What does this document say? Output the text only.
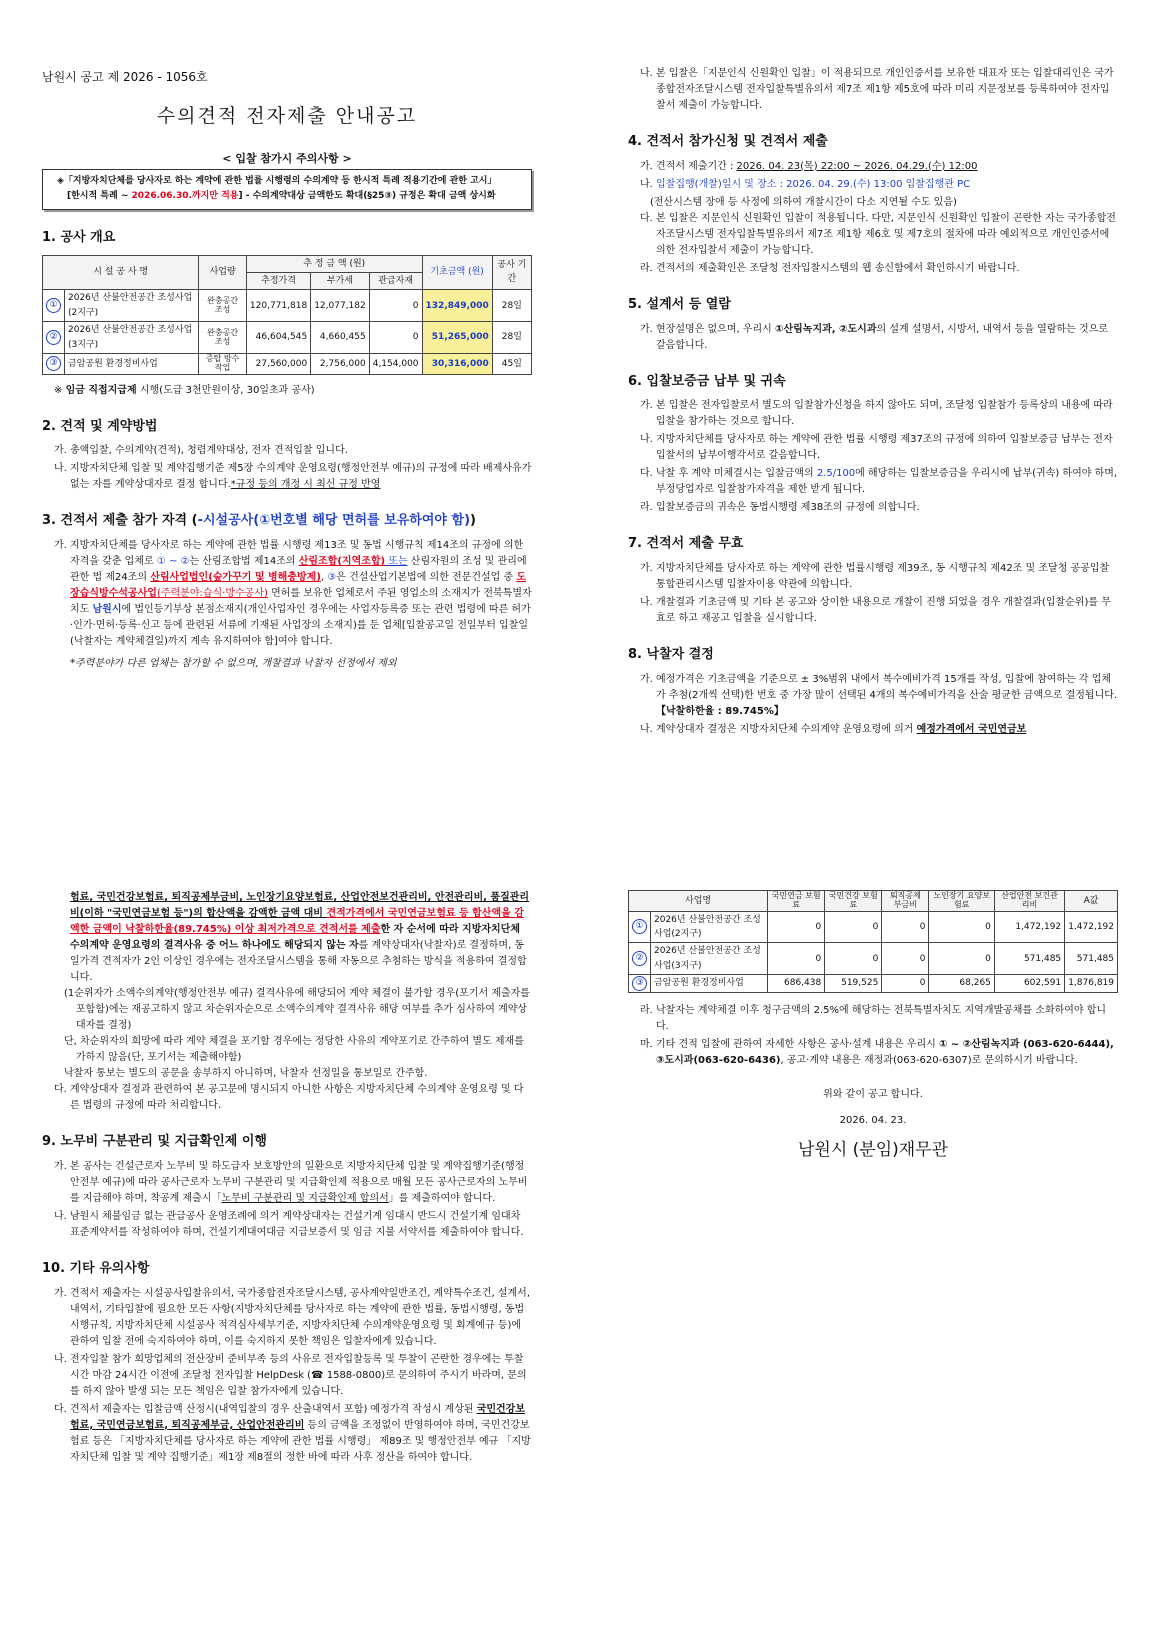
남원시 공고 제 2026 - 1056호
수의견적 전자제출 안내공고
< 입찰 참가시 주의사항 >
◈「지방자치단체를 당사자로 하는 계약에 관한 법률 시행령의 수의계약 등 한시적 특례 적용기간에 관한 고시」
[한시적 특례 ~ 2026.06.30.까지만 적용] - 수의계약대상 금액한도 확대(§25③) 규정은 확대 금액 상시화
1. 공사 개요
시 설 공 사 명		사업량	추 정 금 액 (원)			기초금액 (원)	공사 기간
			추정가격	부가세	관급자재		
①	2026년 산불안전공간 조성사업(2지구)	완충공간 조성	120,771,818	12,077,182	0	132,849,000	28일
②	2026년 산불안전공간 조성사업(3지구)	완충공간 조성	46,604,545	4,660,455	0	51,265,000	28일
③	금암공원 환경정비사업	증탑 방수작업	27,560,000	2,756,000	4,154,000	30,316,000	45일
※ 임금 직접지급제 시행(도급 3천만원이상, 30일초과 공사)
2. 견적 및 계약방법

가. 총액입찰, 수의계약(견적), 청렴계약대상, 전자 견적입찰 입니다.

나. 지방자치단체 입찰 및 계약집행기준 제5장 수의계약 운영요령(행정안전부 예규)의 규정에 따라 배제사유가 없는 자를 계약상대자로 결정 합니다.*규정 등의 개정 시 최신 규정 반영

3. 견적서 제출 참가 자격 (-시설공사(①번호별 해당 면허를 보유하여야 함))

가. 지방자치단체를 당사자로 하는 계약에 관한 법률 시행령 제13조 및 동법 시행규칙 제14조의 규정에 의한 자격을 갖춘 업체로 ① ~ ②는 산림조합법 제14조의 산림조합(지역조합) 또는 산림자원의 조성 및 관리에 관한 법 제24조의 산림사업법인(숲가꾸기 및 병해충방제), ③은 건설산업기본법에 의한 전문건설업 중 도장습식방수석공사업(주력분야:습식·방수공사) 면허를 보유한 업체로서 주된 영업소의 소재지가 전북특별자치도 남원시에 법인등기부상 본점소재지(개인사업자인 경우에는 사업자등록증 또는 관련 법령에 따른 허가·인가·면허·등록·신고 등에 관련된 서류에 기재된 사업장의 소재지)를 둔 업체[입찰공고일 전일부터 입찰일(낙찰자는 계약체결일)까지 계속 유지하여야 함]여야 합니다.

*주력분야가 다른 업체는 참가할 수 없으며, 개찰결과 낙찰자 선정에서 제외

나. 본 입찰은「지문인식 신원확인 입찰」이 적용되므로 개인인증서를 보유한 대표자 또는 입찰대리인은 국가종합전자조달시스템 전자입찰특별유의서 제7조 제1항 제5호에 따라 미리 지문정보를 등록하여야 전자입찰서 제출이 가능합니다.

4. 견적서 참가신청 및 견적서 제출

가. 견적서 제출기간 : 2026. 04. 23(목) 22:00 ~ 2026. 04.29.(수) 12:00

나. 입찰집행(개찰)일시 및 장소 : 2026. 04. 29.(수) 13:00 입찰집행관 PC

(전산시스템 장애 등 사정에 의하여 개찰시간이 다소 지연될 수도 있음)

다. 본 입찰은 지문인식 신원확인 입찰이 적용됩니다. 다만, 지문인식 신원확인 입찰이 곤란한 자는 국가종합전자조달시스템 전자입찰특별유의서 제7조 제1항 제6호 및 제7호의 절차에 따라 예외적으로 개인인증서에 의한 전자입찰서 제출이 가능합니다.

라. 견적서의 제출확인은 조달청 전자입찰시스템의 웹 송신함에서 확인하시기 바랍니다.

5. 설계서 등 열람

가. 현장설명은 없으며, 우리시 ①산림녹지과, ②도시과의 설계 설명서, 시방서, 내역서 등을 열람하는 것으로 갈음합니다.

6. 입찰보증금 납부 및 귀속

가. 본 입찰은 전자입찰로서 별도의 입찰참가신청을 하지 않아도 되며, 조달청 입찰참가 등록상의 내용에 따라 입찰을 참가하는 것으로 합니다.

나. 지방자치단체를 당사자로 하는 계약에 관한 법률 시행령 제37조의 규정에 의하여 입찰보증금 납부는 전자입찰서의 납부이행각서로 갈음합니다.

다. 낙찰 후 계약 미체결시는 입찰금액의 2.5/100에 해당하는 입찰보증금을 우리시에 납부(귀속) 하여야 하며, 부정당업자로 입찰참가자격을 제한 받게 됩니다.

라. 입찰보증금의 귀속은 동법시행령 제38조의 규정에 의합니다.

7. 견적서 제출 무효

가. 지방자치단체를 당사자로 하는 계약에 관한 법률시행령 제39조, 동 시행규칙 제42조 및 조달청 공공입찰 통합관리시스템 입찰자이용 약관에 의합니다.

나. 개찰결과 기초금액 및 기타 본 공고와 상이한 내용으로 개찰이 진행 되었을 경우 개찰결과(입찰순위)를 무효로 하고 재공고 입찰을 실시합니다.

8. 낙찰자 결정

가. 예정가격은 기초금액을 기준으로 ± 3%범위 내에서 복수예비가격 15개를 작성, 입찰에 참여하는 각 업체가 추첨(2개씩 선택)한 번호 중 가장 많이 선택된 4개의 복수예비가격을 산술 평균한 금액으로 결정됩니다.【낙찰하한율 : 89.745%】

나. 계약상대자 결정은 지방자치단체 수의계약 운영요령에 의거 예정가격에서 국민연금보

험료, 국민건강보험료, 퇴직공제부금비, 노인장기요양보험료, 산업안전보건관리비, 안전관리비, 품질관리비(이하 "국민연금보험 등")의 합산액을 감액한 금액 대비 견적가격에서 국민연금보험료 등 합산액을 감액한 금액이 낙찰하한율(89.745%) 이상 최저가격으로 견적서를 제출한 자 순서에 따라 지방자치단체 수의계약 운영요령의 결격사유 중 어느 하나에도 해당되지 않는 자를 계약상대자(낙찰자)로 결정하며, 동일가격 견적자가 2인 이상인 경우에는 전자조달시스템을 통해 자동으로 추첨하는 방식을 적용하여 결정합니다.

(1순위자가 소액수의계약(행정안전부 예규) 결격사유에 해당되어 계약 체결이 불가할 경우(포기서 제출자를 포함함)에는 재공고하지 않고 차순위자순으로 소액수의계약 결격사유 해당 여부를 추가 심사하여 계약상대자를 결정)

단, 차순위자의 희망에 따라 계약 체결을 포기할 경우에는 정당한 사유의 계약포기로 간주하여 별도 제재를 가하지 않음(단, 포기서는 제출해야함)

낙찰자 통보는 별도의 공문을 송부하지 아니하며, 낙찰자 선정일을 통보일로 간주함.

다. 계약상대자 결정과 관련하여 본 공고문에 명시되지 아니한 사항은 지방자치단체 수의계약 운영요령 및 다른 법령의 규정에 따라 처리합니다.

9. 노무비 구분관리 및 지급확인제 이행

가. 본 공사는 건설근로자 노무비 및 하도급자 보호방안의 일환으로 지방자치단체 입찰 및 계약집행기준(행정안전부 예규)에 따라 공사근로자 노무비 구분관리 및 지급확인제 적용으로 매월 모든 공사근로자의 노무비를 지급해야 하며, 착공계 제출시「노무비 구분관리 및 지급확인제 합의서」를 제출하여야 합니다.

나. 남원시 체불임금 없는 관급공사 운영조례에 의거 계약상대자는 건설기계 임대시 반드시 건설기계 임대차 표준계약서를 작성하여야 하며, 건설기계대여대금 지급보증서 및 임금 지불 서약서를 제출하여야 합니다.

10. 기타 유의사항

가. 견적서 제출자는 시설공사입찰유의서, 국가종합전자조달시스템, 공사계약일반조건, 계약특수조건, 설계서, 내역서, 기타입찰에 필요한 모든 사항(지방자치단체를 당사자로 하는 계약에 관한 법률, 동법시행령, 동법시행규칙, 지방자치단체 시설공사 적격심사세부기준, 지방자치단체 수의계약운영요령 및 회계예규 등)에 관하여 입찰 전에 숙지하여야 하며, 이를 숙지하지 못한 책임은 입찰자에게 있습니다.

나. 전자입찰 참가 희망업체의 전산장비 준비부족 등의 사유로 전자입찰등록 및 투찰이 곤란한 경우에는 투찰시간 마감 24시간 이전에 조달청 전자입찰 HelpDesk (☎ 1588-0800)로 문의하여 주시기 바라며, 문의를 하지 않아 발생 되는 모든 책임은 입찰 참가자에게 있습니다.

다. 견적서 제출자는 입찰금액 산정시(내역입찰의 경우 산출내역서 포함) 예정가격 작성시 계상된 국민건강보험료, 국민연금보험료, 퇴직공제부금, 산업안전관리비 등의 금액을 조정없이 반영하여야 하며, 국민건강보험료 등은 「지방자치단체를 당사자로 하는 계약에 관한 법률 시행령」 제89조 및 행정안전부 예규 「지방자치단체 입찰 및 계약 집행기준」제1장 제8절의 정한 바에 따라 사후 정산을 하여야 합니다.

사업명		국민연금 보험료	국민건강 보험료	퇴직공제 부금비	노인장기 요양보험료	산업안전 보건관리비	A값
①	2026년 산불안전공간 조성사업(2지구)	0	0	0	0	1,472,192	1,472,192
②	2026년 산불안전공간 조성사업(3지구)	0	0	0	0	571,485	571,485
③	금암공원 환경정비사업	686,438	519,525	0	68,265	602,591	1,876,819

라. 낙찰자는 계약체결 이후 청구금액의 2.5%에 해당하는 전북특별자치도 지역개발공채를 소화하여야 합니다.

마. 기타 견적 입찰에 관하여 자세한 사항은 공사·설계 내용은 우리시 ① ~ ②산림녹지과 (063-620-6444), ③도시과(063-620-6436), 공고·계약 내용은 재정과(063-620-6307)로 문의하시기 바랍니다.

위와 같이 공고 합니다.
2026. 04. 23.
남원시 (분임)재무관
